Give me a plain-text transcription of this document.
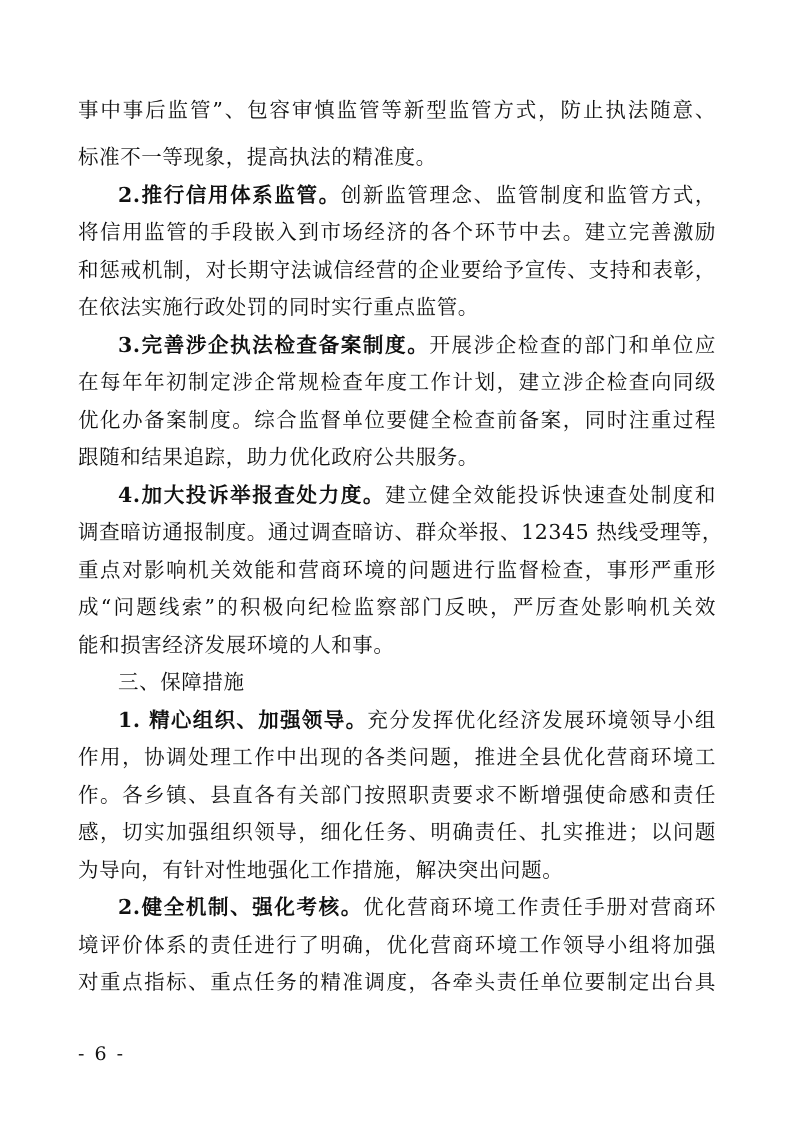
事中事后监管”、包容审慎监管等新型监管方式，防止执法随意、
标准不一等现象，提高执法的精准度。
2.推行信用体系监管。创新监管理念、监管制度和监管方式，
将信用监管的手段嵌入到市场经济的各个环节中去。建立完善激励
和惩戒机制，对长期守法诚信经营的企业要给予宣传、支持和表彰，
在依法实施行政处罚的同时实行重点监管。
3.完善涉企执法检查备案制度。开展涉企检查的部门和单位应
在每年年初制定涉企常规检查年度工作计划，建立涉企检查向同级
优化办备案制度。综合监督单位要健全检查前备案，同时注重过程
跟随和结果追踪，助力优化政府公共服务。
4.加大投诉举报查处力度。建立健全效能投诉快速查处制度和
调查暗访通报制度。通过调查暗访、群众举报、12345 热线受理等，
重点对影响机关效能和营商环境的问题进行监督检查，事形严重形
成“问题线索”的积极向纪检监察部门反映，严厉查处影响机关效
能和损害经济发展环境的人和事。
三、保障措施
1. 精心组织、加强领导。充分发挥优化经济发展环境领导小组
作用，协调处理工作中出现的各类问题，推进全县优化营商环境工
作。各乡镇、县直各有关部门按照职责要求不断增强使命感和责任
感，切实加强组织领导，细化任务、明确责任、扎实推进；以问题
为导向，有针对性地强化工作措施，解决突出问题。
2.健全机制、强化考核。优化营商环境工作责任手册对营商环
境评价体系的责任进行了明确，优化营商环境工作领导小组将加强
对重点指标、重点任务的精准调度，各牵头责任单位要制定出台具
- 6 -
